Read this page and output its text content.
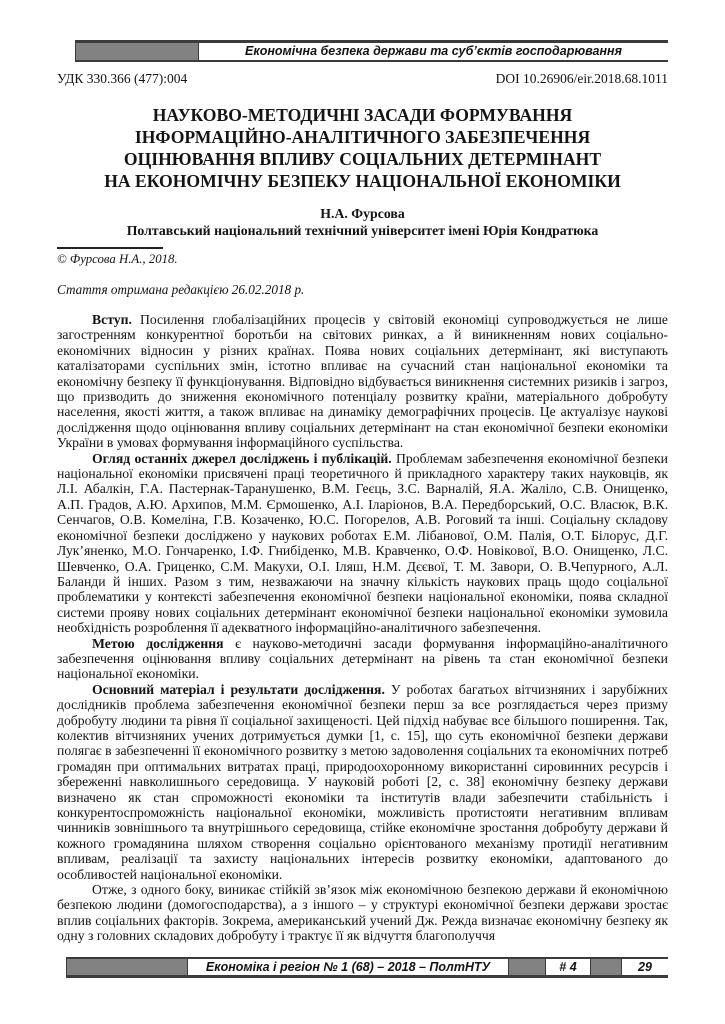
Економічна безпека держави та суб’єктів господарювання
УДК 330.366 (477):004	DOI 10.26906/eir.2018.68.1011
НАУКОВО-МЕТОДИЧНІ ЗАСАДИ ФОРМУВАННЯ
ІНФОРМАЦІЙНО-АНАЛІТИЧНОГО ЗАБЕЗПЕЧЕННЯ
ОЦІНЮВАННЯ ВПЛИВУ СОЦІАЛЬНИХ ДЕТЕРМІНАНТ
НА ЕКОНОМІЧНУ БЕЗПЕКУ НАЦІОНАЛЬНОЇ ЕКОНОМІКИ
Н.А. Фурсова
Полтавський національний технічний університет імені Юрія Кондратюка
© Фурсова Н.А., 2018.
Стаття отримана редакцією 26.02.2018 р.

Вступ. Посилення глобалізаційних процесів у світовій економіці супроводжується не лише загостренням конкурентної боротьби на світових ринках, а й виникненням нових соціально-економічних відносин у різних країнах. Поява нових соціальних детермінант, які виступають каталізаторами суспільних змін, істотно впливає на сучасний стан національної економіки та економічну безпеку її функціонування. Відповідно відбувається виникнення системних ризиків і загроз, що призводить до зниження економічного потенціалу розвитку країни, матеріального добробуту населення, якості життя, а також впливає на динаміку демографічних процесів. Це актуалізує наукові дослідження щодо оцінювання впливу соціальних детермінант на стан економічної безпеки економіки України в умовах формування інформаційного суспільства.

Огляд останніх джерел досліджень і публікацій. Проблемам забезпечення економічної безпеки національної економіки присвячені праці теоретичного й прикладного характеру таких науковців, як Л.І. Абалкін, Г.А. Пастернак-Таранушенко, В.М. Геєць, З.С. Варналій, Я.А. Жаліло, С.В. Онищенко, А.П. Градов, А.Ю. Архипов, М.М. Єрмошенко, А.І. Іларіонов, В.А. Передборський, О.С. Власюк, В.К. Сенчагов, О.В. Комеліна, Г.В. Козаченко, Ю.С. Погорелов, А.В. Роговий та інші. Соціальну складову економічної безпеки досліджено у наукових роботах Е.М. Лібанової, О.М. Палія, О.Т. Білорус, Д.Г. Лук’яненко, М.О. Гончаренко, І.Ф. Гнибіденко, М.В. Кравченко, О.Ф. Новікової, В.О. Онищенко, Л.С. Шевченко, О.А. Гриценко, С.М. Макухи, О.І. Іляш, Н.М. Дєєвої, Т. М. Завори, О. В.Чепурного, А.Л. Баланди й інших. Разом з тим, незважаючи на значну кількість наукових праць щодо соціальної проблематики у контексті забезпечення економічної безпеки національної економіки, поява складної системи прояву нових соціальних детермінант економічної безпеки національної економіки зумовила необхідність розроблення її адекватного інформаційно-аналітичного забезпечення.

Метою дослідження є науково-методичні засади формування інформаційно-аналітичного забезпечення оцінювання впливу соціальних детермінант на рівень та стан економічної безпеки національної економіки.

Основний матеріал і результати дослідження. У роботах багатьох вітчизняних і зарубіжних дослідників проблема забезпечення економічної безпеки перш за все розглядається через призму добробуту людини та рівня її соціальної захищеності. Цей підхід набуває все більшого поширення. Так, колектив вітчизняних учених дотримується думки [1, с. 15], що суть економічної безпеки держави полягає в забезпеченні її економічного розвитку з метою задоволення соціальних та економічних потреб громадян при оптимальних витратах праці, природоохоронному використанні сировинних ресурсів і збереженні навколишнього середовища. У науковій роботі [2, с. 38] економічну безпеку держави визначено як стан спроможності економіки та інститутів влади забезпечити стабільність і конкурентоспроможність національної економіки, можливість протистояти негативним впливам чинників зовнішнього та внутрішнього середовища, стійке економічне зростання добробуту держави й кожного громадянина шляхом створення соціально орієнтованого механізму протидії негативним впливам, реалізації та захисту національних інтересів розвитку економіки, адаптованого до особливостей національної економіки.

Отже, з одного боку, виникає стійкій зв’язок між економічною безпекою держави й економічною безпекою людини (домогосподарства), а з іншого – у структурі економічної безпеки держави зростає вплив соціальних факторів. Зокрема, американський учений Дж. Режда визначає економічну безпеку як одну з головних складових добробуту і трактує її як відчуття благополуччя

Економіка і регіон № 1 (68) – 2018 – ПолтНТУ	# 4	29
